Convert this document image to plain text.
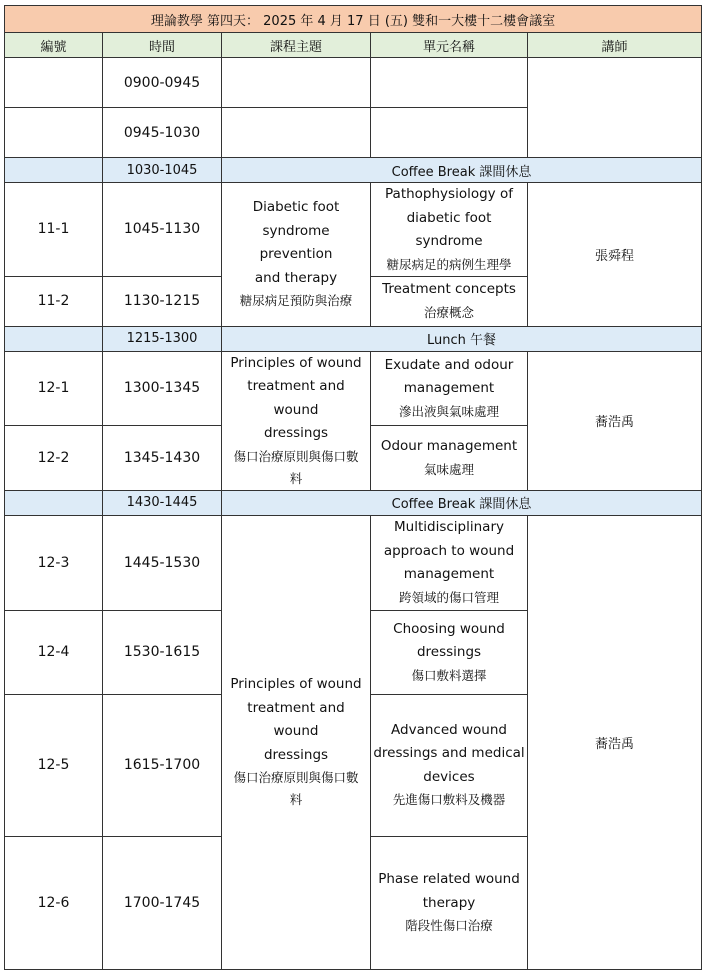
理論教學 第四天： 2025 年 4 月 17 日 (五) 雙和一大樓十二樓會議室				
編號	時間	課程主題	單元名稱	講師
	0900-0945			
	0945-1030			
	1030-1045	Coffee Break 課間休息		
11-1	1045-1130	Diabetic foot
syndrome prevention
and therapy
糖尿病足預防與治療	Pathophysiology of
diabetic foot syndrome
糖尿病足的病例生理學	張舜程
11-2	1130-1215		Treatment concepts
治療概念	

	1215-1300	Lunch 午餐		
12-1	1300-1345	Principles of wound
treatment and wound
dressings
傷口治療原則與傷口數
料	Exudate and odour
management
滲出液與氣味處理	蕎浩禹
12-2	1345-1430		Odour management
氣味處理	

	1430-1445	Coffee Break 課間休息		
12-3	1445-1530	Principles of wound
treatment and wound
dressings
傷口治療原則與傷口數
料	Multidisciplinary
approach to wound
management
跨領域的傷口管理	蕎浩禹
12-4	1530-1615		Choosing wound
dressings
傷口敷料選擇	

12-5	1615-1700		Advanced wound
dressings and medical
devices
先進傷口敷料及機器	

12-6	1700-1745		Phase related wound
therapy
階段性傷口治療	
